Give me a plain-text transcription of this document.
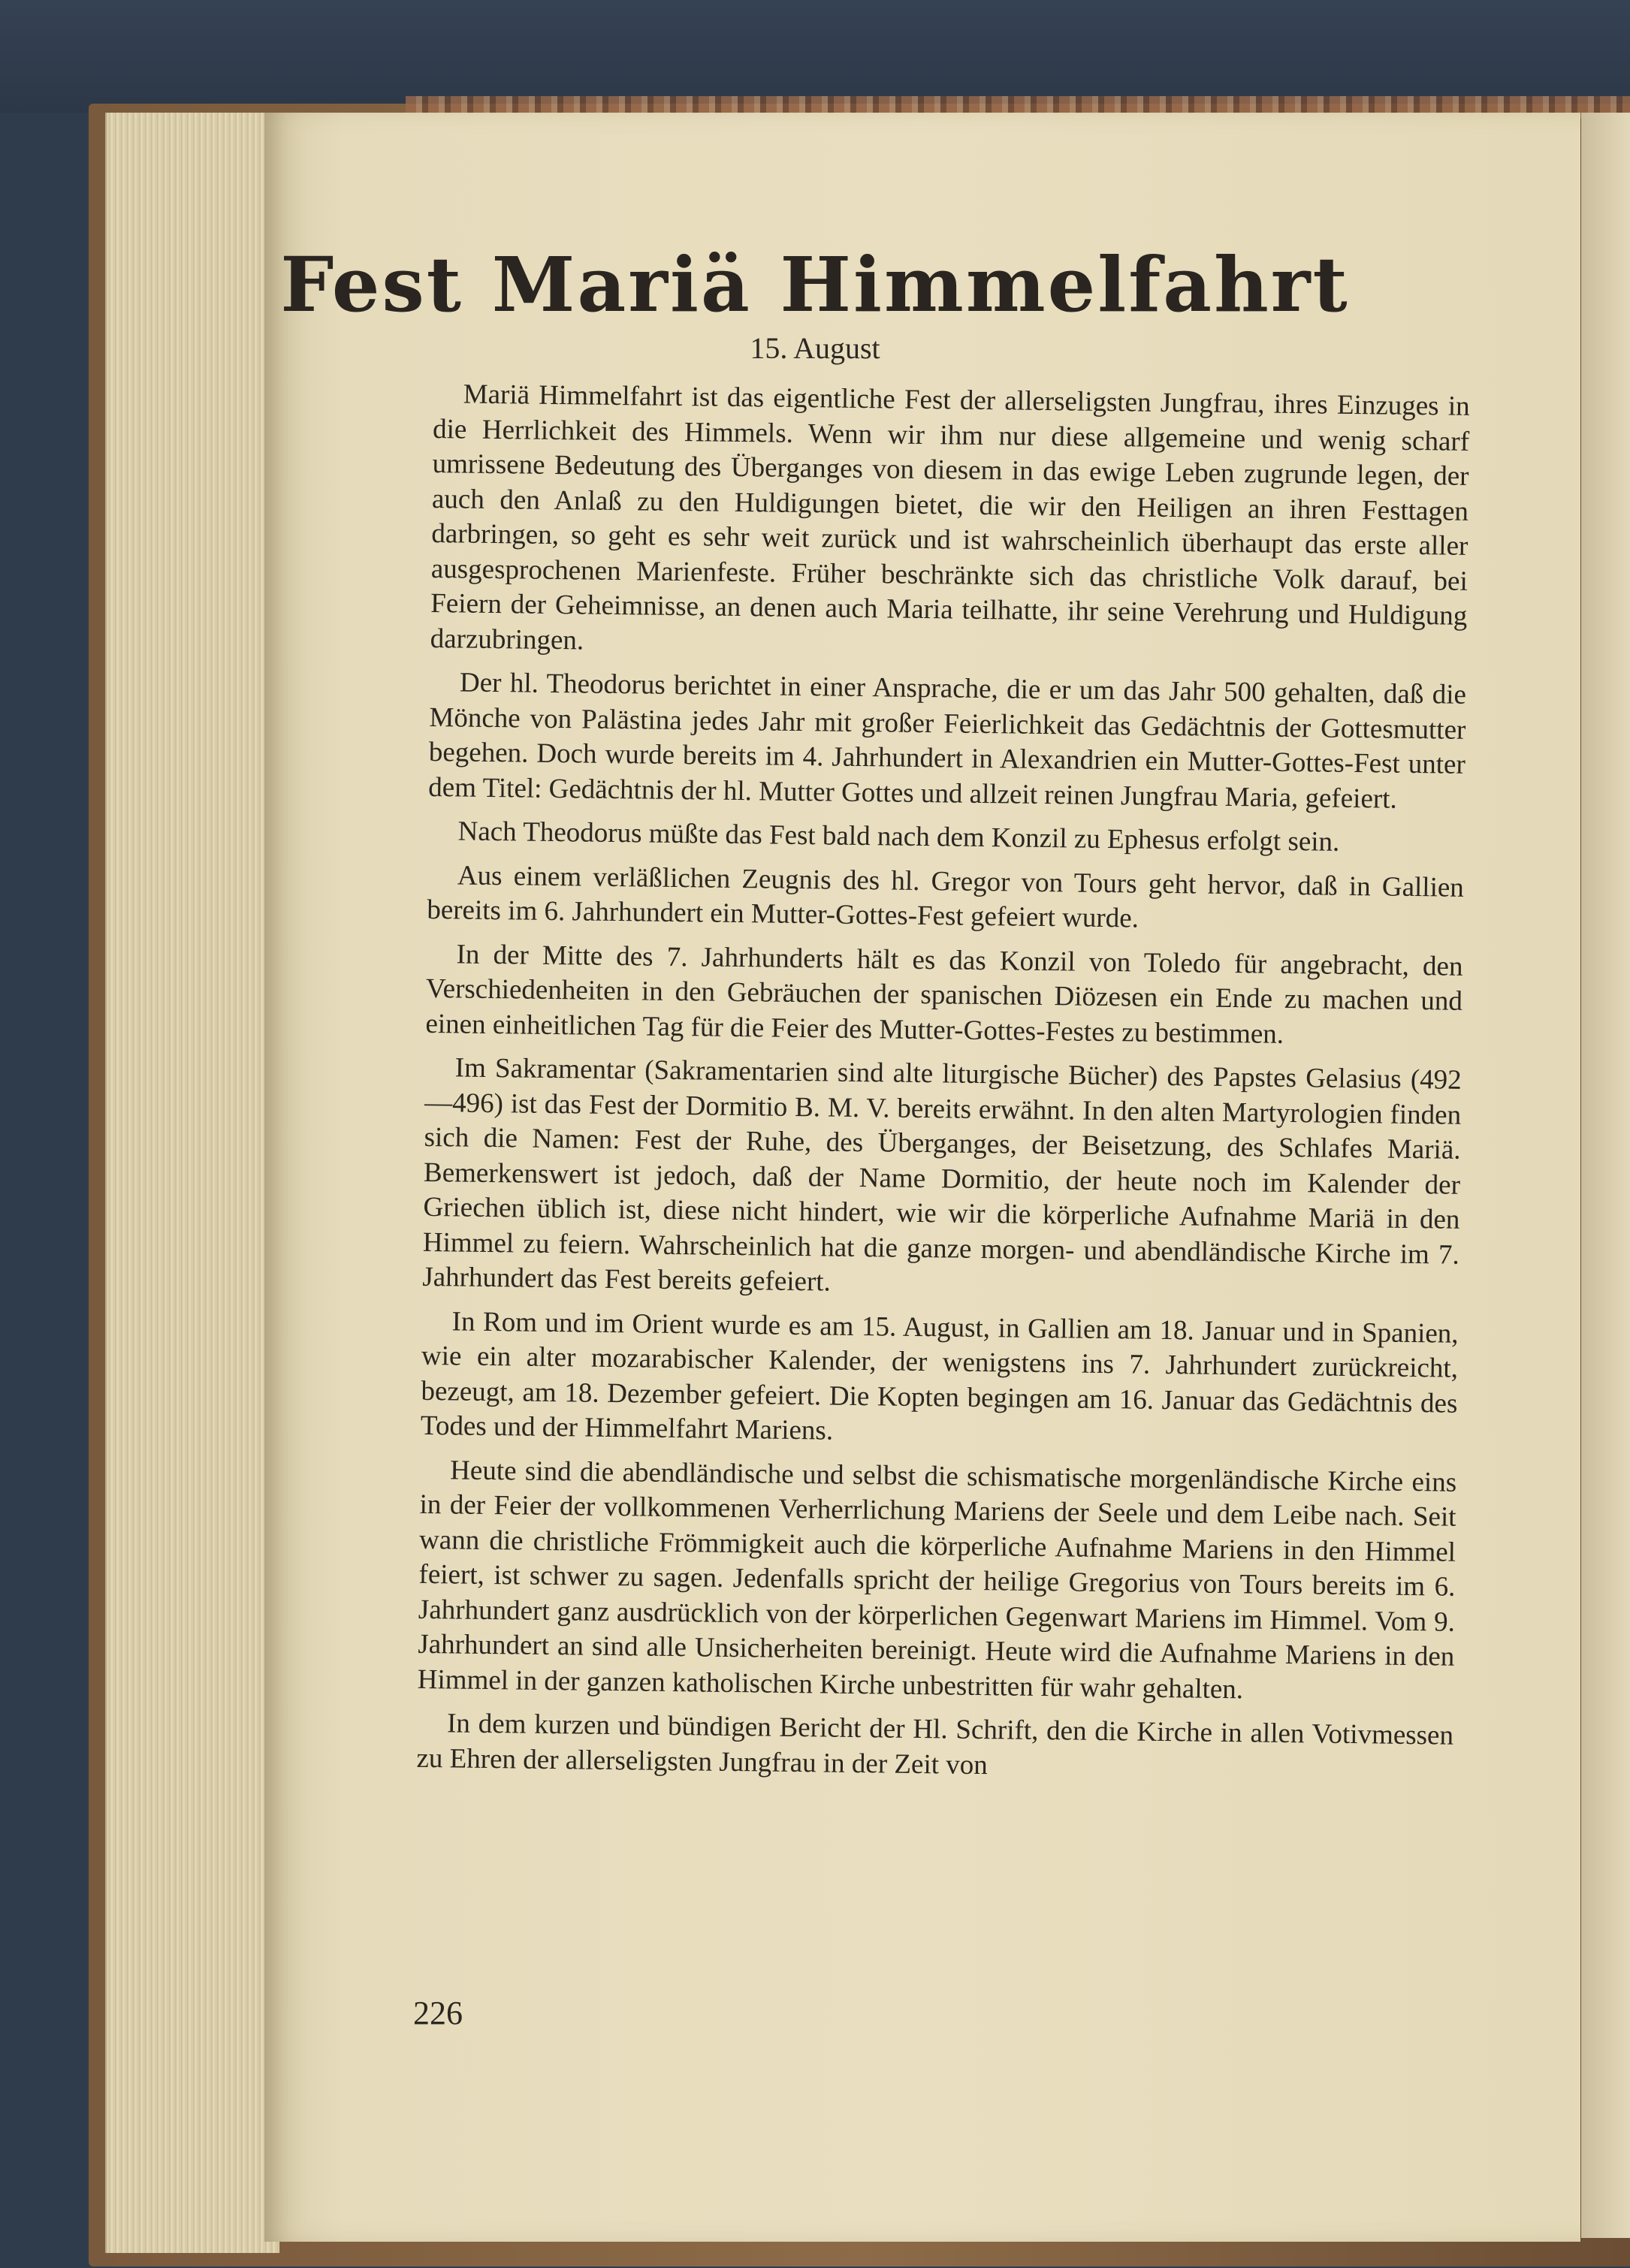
Fest Mariä Himmelfahrt
15. August

Mariä Himmelfahrt ist das eigentliche Fest der allerseligsten Jungfrau, ihres Einzuges in die Herrlichkeit des Himmels. Wenn wir ihm nur diese allgemeine und wenig scharf umrissene Bedeutung des Überganges von diesem in das ewige Leben zugrunde legen, der auch den Anlaß zu den Huldigungen bietet, die wir den Heiligen an ihren Festtagen darbringen, so geht es sehr weit zurück und ist wahrscheinlich überhaupt das erste aller ausgesprochenen Marienfeste. Früher beschränkte sich das christliche Volk darauf, bei Feiern der Geheimnisse, an denen auch Maria teilhatte, ihr seine Verehrung und Huldigung darzubringen.

Der hl. Theodorus berichtet in einer Ansprache, die er um das Jahr 500 gehalten, daß die Mönche von Palästina jedes Jahr mit großer Feierlichkeit das Gedächtnis der Gottesmutter begehen. Doch wurde bereits im 4. Jahrhundert in Alexandrien ein Mutter-Gottes-Fest unter dem Titel: Gedächtnis der hl. Mutter Gottes und allzeit reinen Jungfrau Maria, gefeiert.

Nach Theodorus müßte das Fest bald nach dem Konzil zu Ephesus erfolgt sein.

Aus einem verläßlichen Zeugnis des hl. Gregor von Tours geht hervor, daß in Gallien bereits im 6. Jahrhundert ein Mutter-Gottes-Fest gefeiert wurde.

In der Mitte des 7. Jahrhunderts hält es das Konzil von Toledo für angebracht, den Verschiedenheiten in den Gebräuchen der spanischen Diözesen ein Ende zu machen und einen einheitlichen Tag für die Feier des Mutter-Gottes-Festes zu bestimmen.

Im Sakramentar (Sakramentarien sind alte liturgische Bücher) des Papstes Gelasius (492—496) ist das Fest der Dormitio B. M. V. bereits erwähnt. In den alten Martyrologien finden sich die Namen: Fest der Ruhe, des Überganges, der Beisetzung, des Schlafes Mariä. Bemerkenswert ist jedoch, daß der Name Dormitio, der heute noch im Kalender der Griechen üblich ist, diese nicht hindert, wie wir die körperliche Aufnahme Mariä in den Himmel zu feiern. Wahrscheinlich hat die ganze morgen- und abendländische Kirche im 7. Jahrhundert das Fest bereits gefeiert.

In Rom und im Orient wurde es am 15. August, in Gallien am 18. Januar und in Spanien, wie ein alter mozarabischer Kalender, der wenigstens ins 7. Jahrhundert zurückreicht, bezeugt, am 18. Dezember gefeiert. Die Kopten begingen am 16. Januar das Gedächtnis des Todes und der Himmelfahrt Mariens.

Heute sind die abendländische und selbst die schismatische morgenländische Kirche eins in der Feier der vollkommenen Verherrlichung Mariens der Seele und dem Leibe nach. Seit wann die christliche Frömmigkeit auch die körperliche Aufnahme Mariens in den Himmel feiert, ist schwer zu sagen. Jedenfalls spricht der heilige Gregorius von Tours bereits im 6. Jahrhundert ganz ausdrücklich von der körperlichen Gegenwart Mariens im Himmel. Vom 9. Jahrhundert an sind alle Unsicherheiten bereinigt. Heute wird die Aufnahme Mariens in den Himmel in der ganzen katholischen Kirche unbestritten für wahr gehalten.

In dem kurzen und bündigen Bericht der Hl. Schrift, den die Kirche in allen Votivmessen zu Ehren der allerseligsten Jungfrau in der Zeit von

226
